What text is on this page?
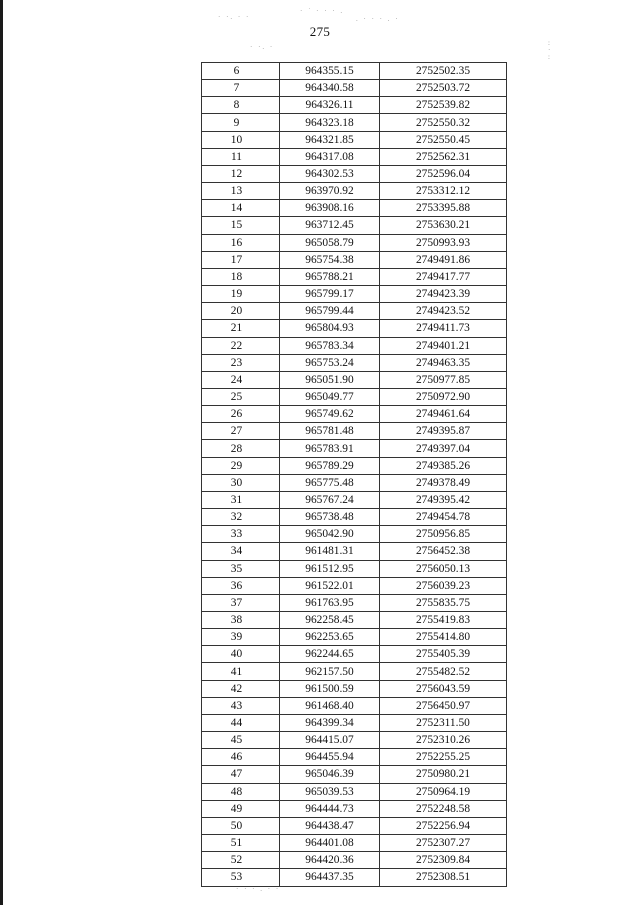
· ·. · ·
· ˙ · · · .
. · · · . ·
· ·. ·	:
·
:
· · · . · ·
275
6	964355.15	2752502.35
7	964340.58	2752503.72
8	964326.11	2752539.82
9	964323.18	2752550.32
10	964321.85	2752550.45
11	964317.08	2752562.31
12	964302.53	2752596.04
13	963970.92	2753312.12
14	963908.16	2753395.88
15	963712.45	2753630.21
16	965058.79	2750993.93
17	965754.38	2749491.86
18	965788.21	2749417.77
19	965799.17	2749423.39
20	965799.44	2749423.52
21	965804.93	2749411.73
22	965783.34	2749401.21
23	965753.24	2749463.35
24	965051.90	2750977.85
25	965049.77	2750972.90
26	965749.62	2749461.64
27	965781.48	2749395.87
28	965783.91	2749397.04
29	965789.29	2749385.26
30	965775.48	2749378.49
31	965767.24	2749395.42
32	965738.48	2749454.78
33	965042.90	2750956.85
34	961481.31	2756452.38
35	961512.95	2756050.13
36	961522.01	2756039.23
37	961763.95	2755835.75
38	962258.45	2755419.83
39	962253.65	2755414.80
40	962244.65	2755405.39
41	962157.50	2755482.52
42	961500.59	2756043.59
43	961468.40	2756450.97
44	964399.34	2752311.50
45	964415.07	2752310.26
46	964455.94	2752255.25
47	965046.39	2750980.21
48	965039.53	2750964.19
49	964444.73	2752248.58
50	964438.47	2752256.94
51	964401.08	2752307.27
52	964420.36	2752309.84
53	964437.35	2752308.51
